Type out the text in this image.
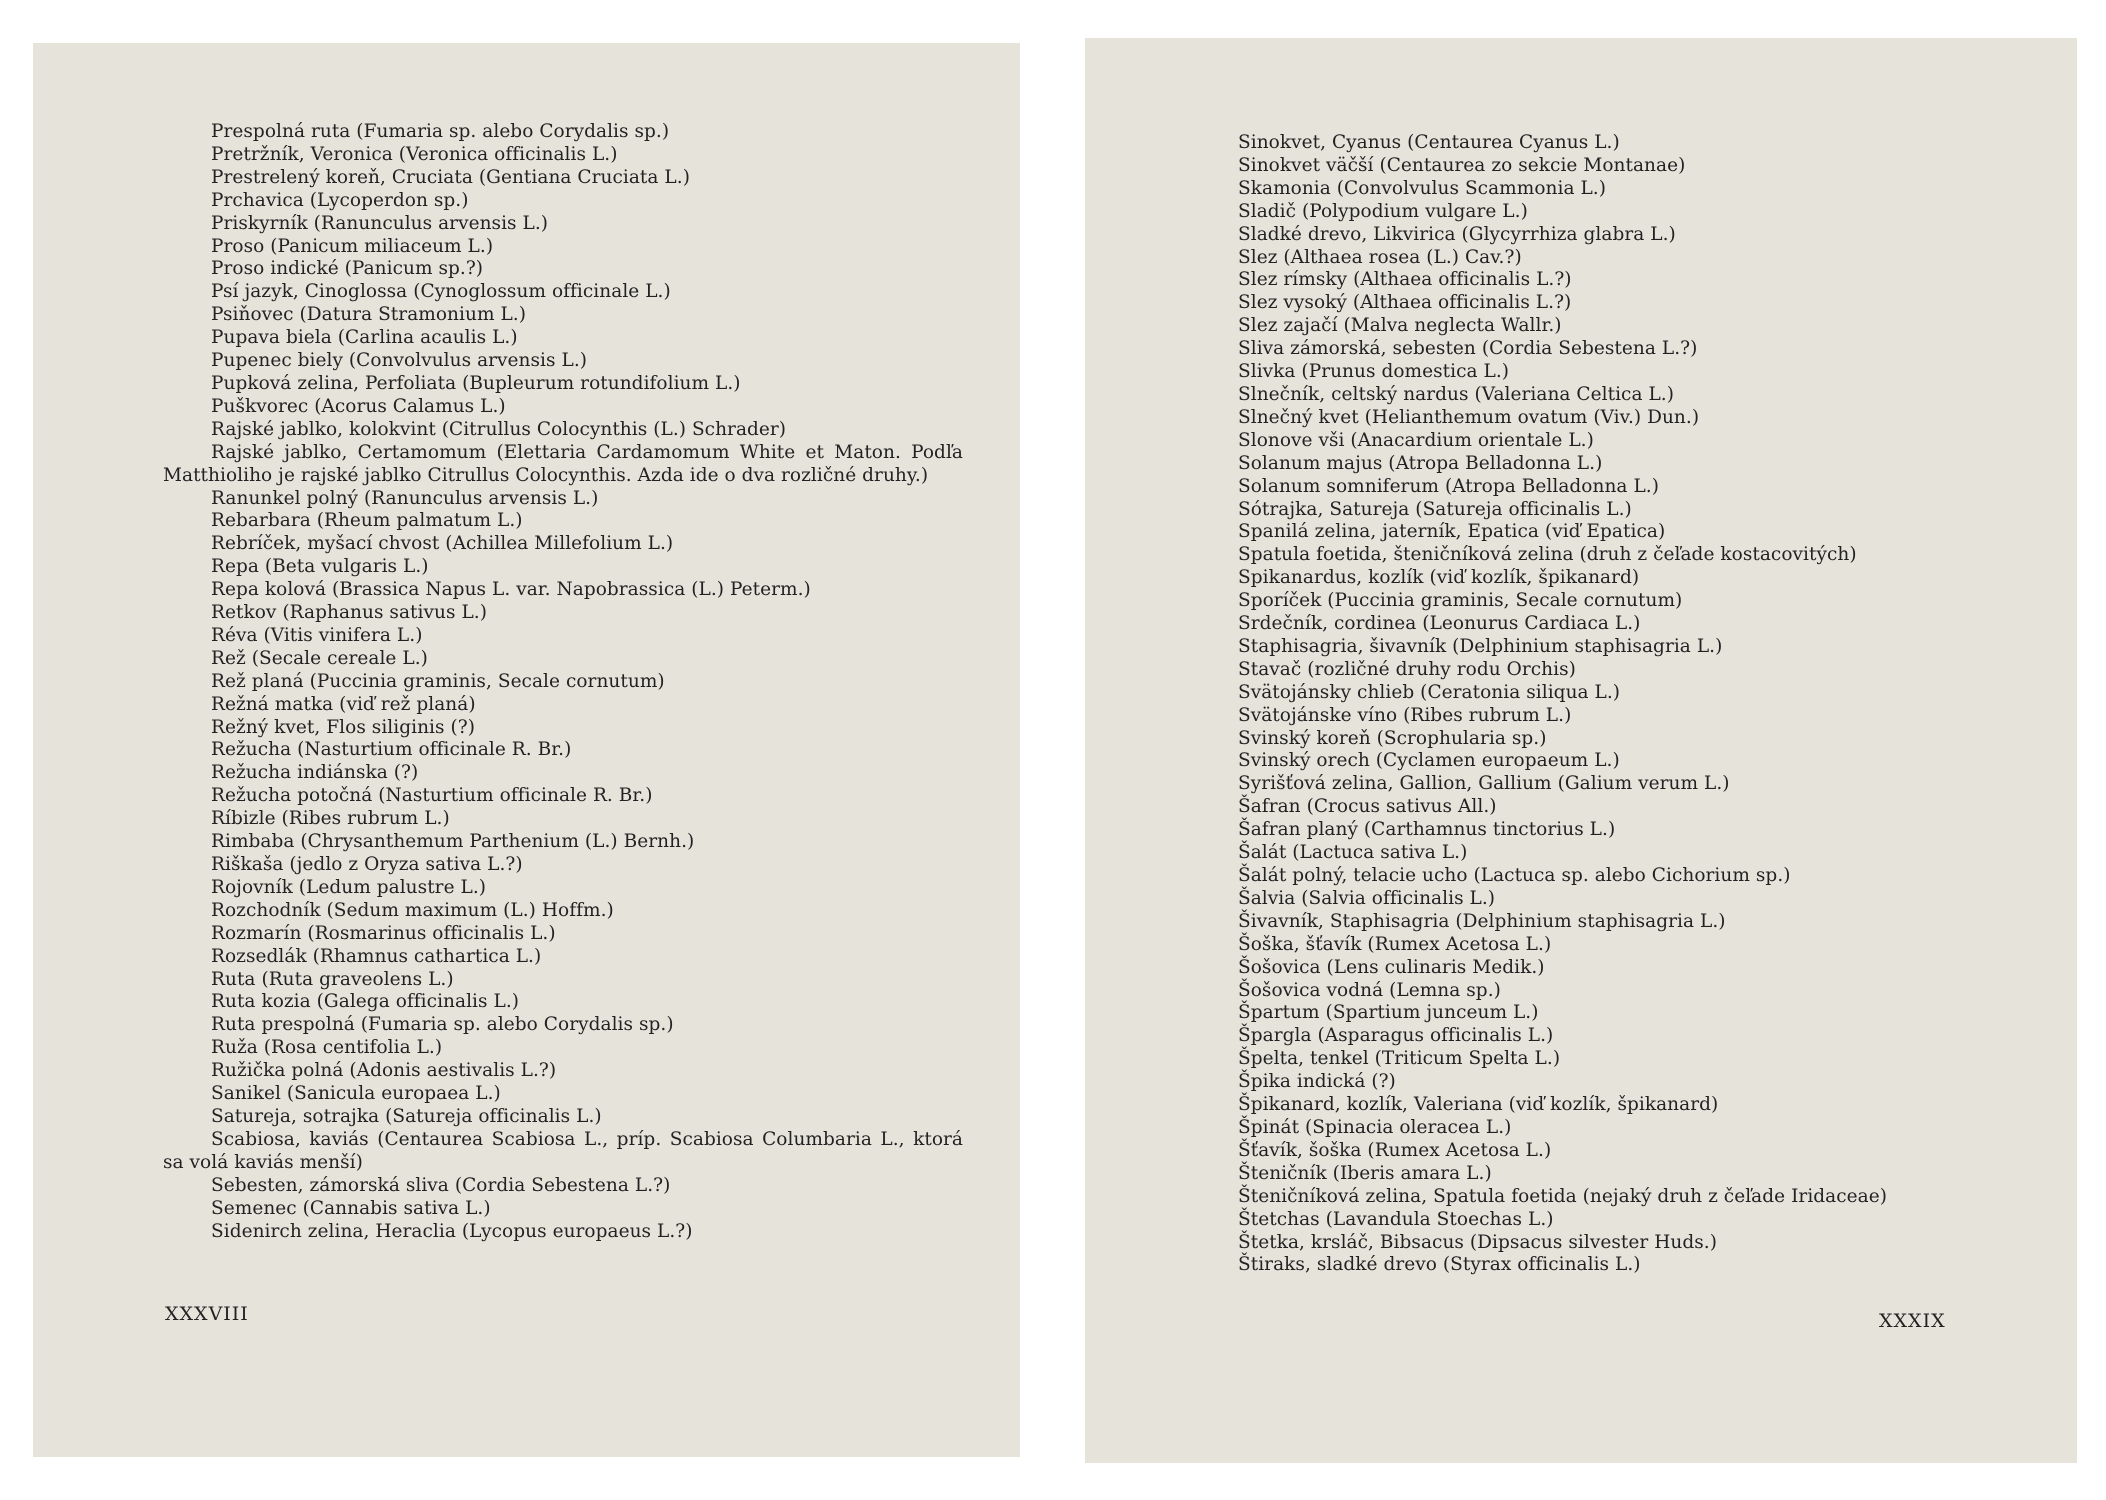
Prespolná ruta (Fumaria sp. alebo Corydalis sp.)
Pretržník, Veronica (Veronica officinalis L.)
Prestrelený koreň, Cruciata (Gentiana Cruciata L.)
Prchavica (Lycoperdon sp.)
Priskyrník (Ranunculus arvensis L.)
Proso (Panicum miliaceum L.)
Proso indické (Panicum sp.?)
Psí jazyk, Cinoglossa (Cynoglossum officinale L.)
Psiňovec (Datura Stramonium L.)
Pupava biela (Carlina acaulis L.)
Pupenec biely (Convolvulus arvensis L.)
Pupková zelina, Perfoliata (Bupleurum rotundifolium L.)
Puškvorec (Acorus Calamus L.)
Rajské jablko, kolokvint (Citrullus Colocynthis (L.) Schrader)
Rajské jablko, Certamomum (Elettaria Cardamomum White et Maton. Podľa Matthioliho je rajské jablko Citrullus Colocynthis. Azda ide o dva rozličné druhy.)
Ranunkel polný (Ranunculus arvensis L.)
Rebarbara (Rheum palmatum L.)
Rebríček, myšací chvost (Achillea Millefolium L.)
Repa (Beta vulgaris L.)
Repa kolová (Brassica Napus L. var. Napobrassica (L.) Peterm.)
Retkov (Raphanus sativus L.)
Réva (Vitis vinifera L.)
Rež (Secale cereale L.)
Rež planá (Puccinia graminis, Secale cornutum)
Režná matka (viď rež planá)
Režný kvet, Flos siliginis (?)
Režucha (Nasturtium officinale R. Br.)
Režucha indiánska (?)
Režucha potočná (Nasturtium officinale R. Br.)
Ríbizle (Ribes rubrum L.)
Rimbaba (Chrysanthemum Parthenium (L.) Bernh.)
Riškaša (jedlo z Oryza sativa L.?)
Rojovník (Ledum palustre L.)
Rozchodník (Sedum maximum (L.) Hoffm.)
Rozmarín (Rosmarinus officinalis L.)
Rozsedlák (Rhamnus cathartica L.)
Ruta (Ruta graveolens L.)
Ruta kozia (Galega officinalis L.)
Ruta prespolná (Fumaria sp. alebo Corydalis sp.)
Ruža (Rosa centifolia L.)
Ružička polná (Adonis aestivalis L.?)
Sanikel (Sanicula europaea L.)
Satureja, sotrajka (Satureja officinalis L.)
Scabiosa, kaviás (Centaurea Scabiosa L., príp. Scabiosa Columbaria L., ktorá sa volá kaviás menší)
Sebesten, zámorská sliva (Cordia Sebestena L.?)
Semenec (Cannabis sativa L.)
Sidenirch zelina, Heraclia (Lycopus europaeus L.?)
XXXVIII
Sinokvet, Cyanus (Centaurea Cyanus L.)
Sinokvet väčší (Centaurea zo sekcie Montanae)
Skamonia (Convolvulus Scammonia L.)
Sladič (Polypodium vulgare L.)
Sladké drevo, Likvirica (Glycyrrhiza glabra L.)
Slez (Althaea rosea (L.) Cav.?)
Slez rímsky (Althaea officinalis L.?)
Slez vysoký (Althaea officinalis L.?)
Slez zajačí (Malva neglecta Wallr.)
Sliva zámorská, sebesten (Cordia Sebestena L.?)
Slivka (Prunus domestica L.)
Slnečník, celtský nardus (Valeriana Celtica L.)
Slnečný kvet (Helianthemum ovatum (Viv.) Dun.)
Slonove vši (Anacardium orientale L.)
Solanum majus (Atropa Belladonna L.)
Solanum somniferum (Atropa Belladonna L.)
Sótrajka, Satureja (Satureja officinalis L.)
Spanilá zelina, jaterník, Epatica (viď Epatica)
Spatula foetida, šteničníková zelina (druh z čeľade kostacovitých)
Spikanardus, kozlík (viď kozlík, špikanard)
Sporíček (Puccinia graminis, Secale cornutum)
Srdečník, cordinea (Leonurus Cardiaca L.)
Staphisagria, šivavník (Delphinium staphisagria L.)
Stavač (rozličné druhy rodu Orchis)
Svätojánsky chlieb (Ceratonia siliqua L.)
Svätojánske víno (Ribes rubrum L.)
Svinský koreň (Scrophularia sp.)
Svinský orech (Cyclamen europaeum L.)
Syrišťová zelina, Gallion, Gallium (Galium verum L.)
Šafran (Crocus sativus All.)
Šafran planý (Carthamnus tinctorius L.)
Šalát (Lactuca sativa L.)
Šalát polný, telacie ucho (Lactuca sp. alebo Cichorium sp.)
Šalvia (Salvia officinalis L.)
Šivavník, Staphisagria (Delphinium staphisagria L.)
Šoška, šťavík (Rumex Acetosa L.)
Šošovica (Lens culinaris Medik.)
Šošovica vodná (Lemna sp.)
Špartum (Spartium junceum L.)
Špargla (Asparagus officinalis L.)
Špelta, tenkel (Triticum Spelta L.)
Špika indická (?)
Špikanard, kozlík, Valeriana (viď kozlík, špikanard)
Špinát (Spinacia oleracea L.)
Šťavík, šoška (Rumex Acetosa L.)
Šteničník (Iberis amara L.)
Šteničníková zelina, Spatula foetida (nejaký druh z čeľade Iridaceae)
Štetchas (Lavandula Stoechas L.)
Štetka, krsláč, Bibsacus (Dipsacus silvester Huds.)
Štiraks, sladké drevo (Styrax officinalis L.)
XXXIX
